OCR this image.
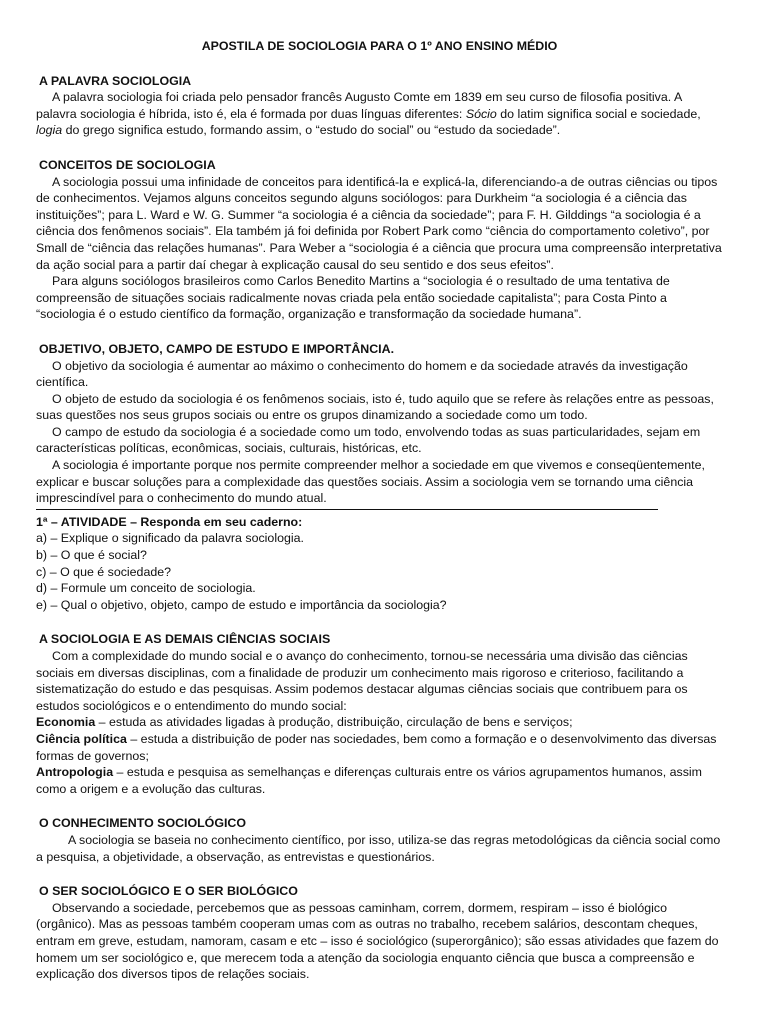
APOSTILA DE SOCIOLOGIA PARA O 1º ANO ENSINO MÉDIO
A PALAVRA SOCIOLOGIA

A palavra sociologia foi criada pelo pensador francês Augusto Comte em 1839 em seu curso de filosofia positiva. A palavra sociologia é híbrida, isto é, ela é formada por duas línguas diferentes: Sócio do latim significa social e sociedade, logia do grego significa estudo, formando assim, o “estudo do social” ou “estudo da sociedade”.

CONCEITOS DE SOCIOLOGIA

A sociologia possui uma infinidade de conceitos para identificá-la e explicá-la, diferenciando-a de outras ciências ou tipos de conhecimentos. Vejamos alguns conceitos segundo alguns sociólogos: para Durkheim “a sociologia é a ciência das instituições”; para L. Ward e W. G. Summer “a sociologia é a ciência da sociedade”; para F. H. Gilddings “a sociologia é a ciência dos fenômenos sociais”. Ela também já foi definida por Robert Park como “ciência do comportamento coletivo”, por Small de “ciência das relações humanas”. Para Weber a “sociologia é a ciência que procura uma compreensão interpretativa da ação social para a partir daí chegar à explicação causal do seu sentido e dos seus efeitos”.

Para alguns sociólogos brasileiros como Carlos Benedito Martins a “sociologia é o resultado de uma tentativa de compreensão de situações sociais radicalmente novas criada pela então sociedade capitalista”; para Costa Pinto a “sociologia é o estudo científico da formação, organização e transformação da sociedade humana”.

OBJETIVO, OBJETO, CAMPO DE ESTUDO E IMPORTÂNCIA.

O objetivo da sociologia é aumentar ao máximo o conhecimento do homem e da sociedade através da investigação científica.

O objeto de estudo da sociologia é os fenômenos sociais, isto é, tudo aquilo que se refere às relações entre as pessoas, suas questões nos seus grupos sociais ou entre os grupos dinamizando a sociedade como um todo.

O campo de estudo da sociologia é a sociedade como um todo, envolvendo todas as suas particularidades, sejam em características políticas, econômicas, sociais, culturais, históricas, etc.

A sociologia é importante porque nos permite compreender melhor a sociedade em que vivemos e conseqüentemente, explicar e buscar soluções para a complexidade das questões sociais. Assim a sociologia vem se tornando uma ciência imprescindível para o conhecimento do mundo atual.

1ª – ATIVIDADE – Responda em seu caderno:

a) – Explique o significado da palavra sociologia.

b) – O que é social?

c) – O que é sociedade?

d) – Formule um conceito de sociologia.

e) – Qual o objetivo, objeto, campo de estudo e importância da sociologia?

A SOCIOLOGIA E AS DEMAIS CIÊNCIAS SOCIAIS

Com a complexidade do mundo social e o avanço do conhecimento, tornou-se necessária uma divisão das ciências sociais em diversas disciplinas, com a finalidade de produzir um conhecimento mais rigoroso e criterioso, facilitando a sistematização do estudo e das pesquisas. Assim podemos destacar algumas ciências sociais que contribuem para os estudos sociológicos e o entendimento do mundo social:

Economia – estuda as atividades ligadas à produção, distribuição, circulação de bens e serviços;

Ciência política – estuda a distribuição de poder nas sociedades, bem como a formação e o desenvolvimento das diversas formas de governos;

Antropologia – estuda e pesquisa as semelhanças e diferenças culturais entre os vários agrupamentos humanos, assim como a origem e a evolução das culturas.

O CONHECIMENTO SOCIOLÓGICO

A sociologia se baseia no conhecimento científico, por isso, utiliza-se das regras metodológicas da ciência social como a pesquisa, a objetividade, a observação, as entrevistas e questionários.

O SER SOCIOLÓGICO E O SER BIOLÓGICO

Observando a sociedade, percebemos que as pessoas caminham, correm, dormem, respiram – isso é biológico (orgânico). Mas as pessoas também cooperam umas com as outras no trabalho, recebem salários, descontam cheques, entram em greve, estudam, namoram, casam e etc – isso é sociológico (superorgânico); são essas atividades que fazem do homem um ser sociológico e, que merecem toda a atenção da sociologia enquanto ciência que busca a compreensão e explicação dos diversos tipos de relações sociais.
